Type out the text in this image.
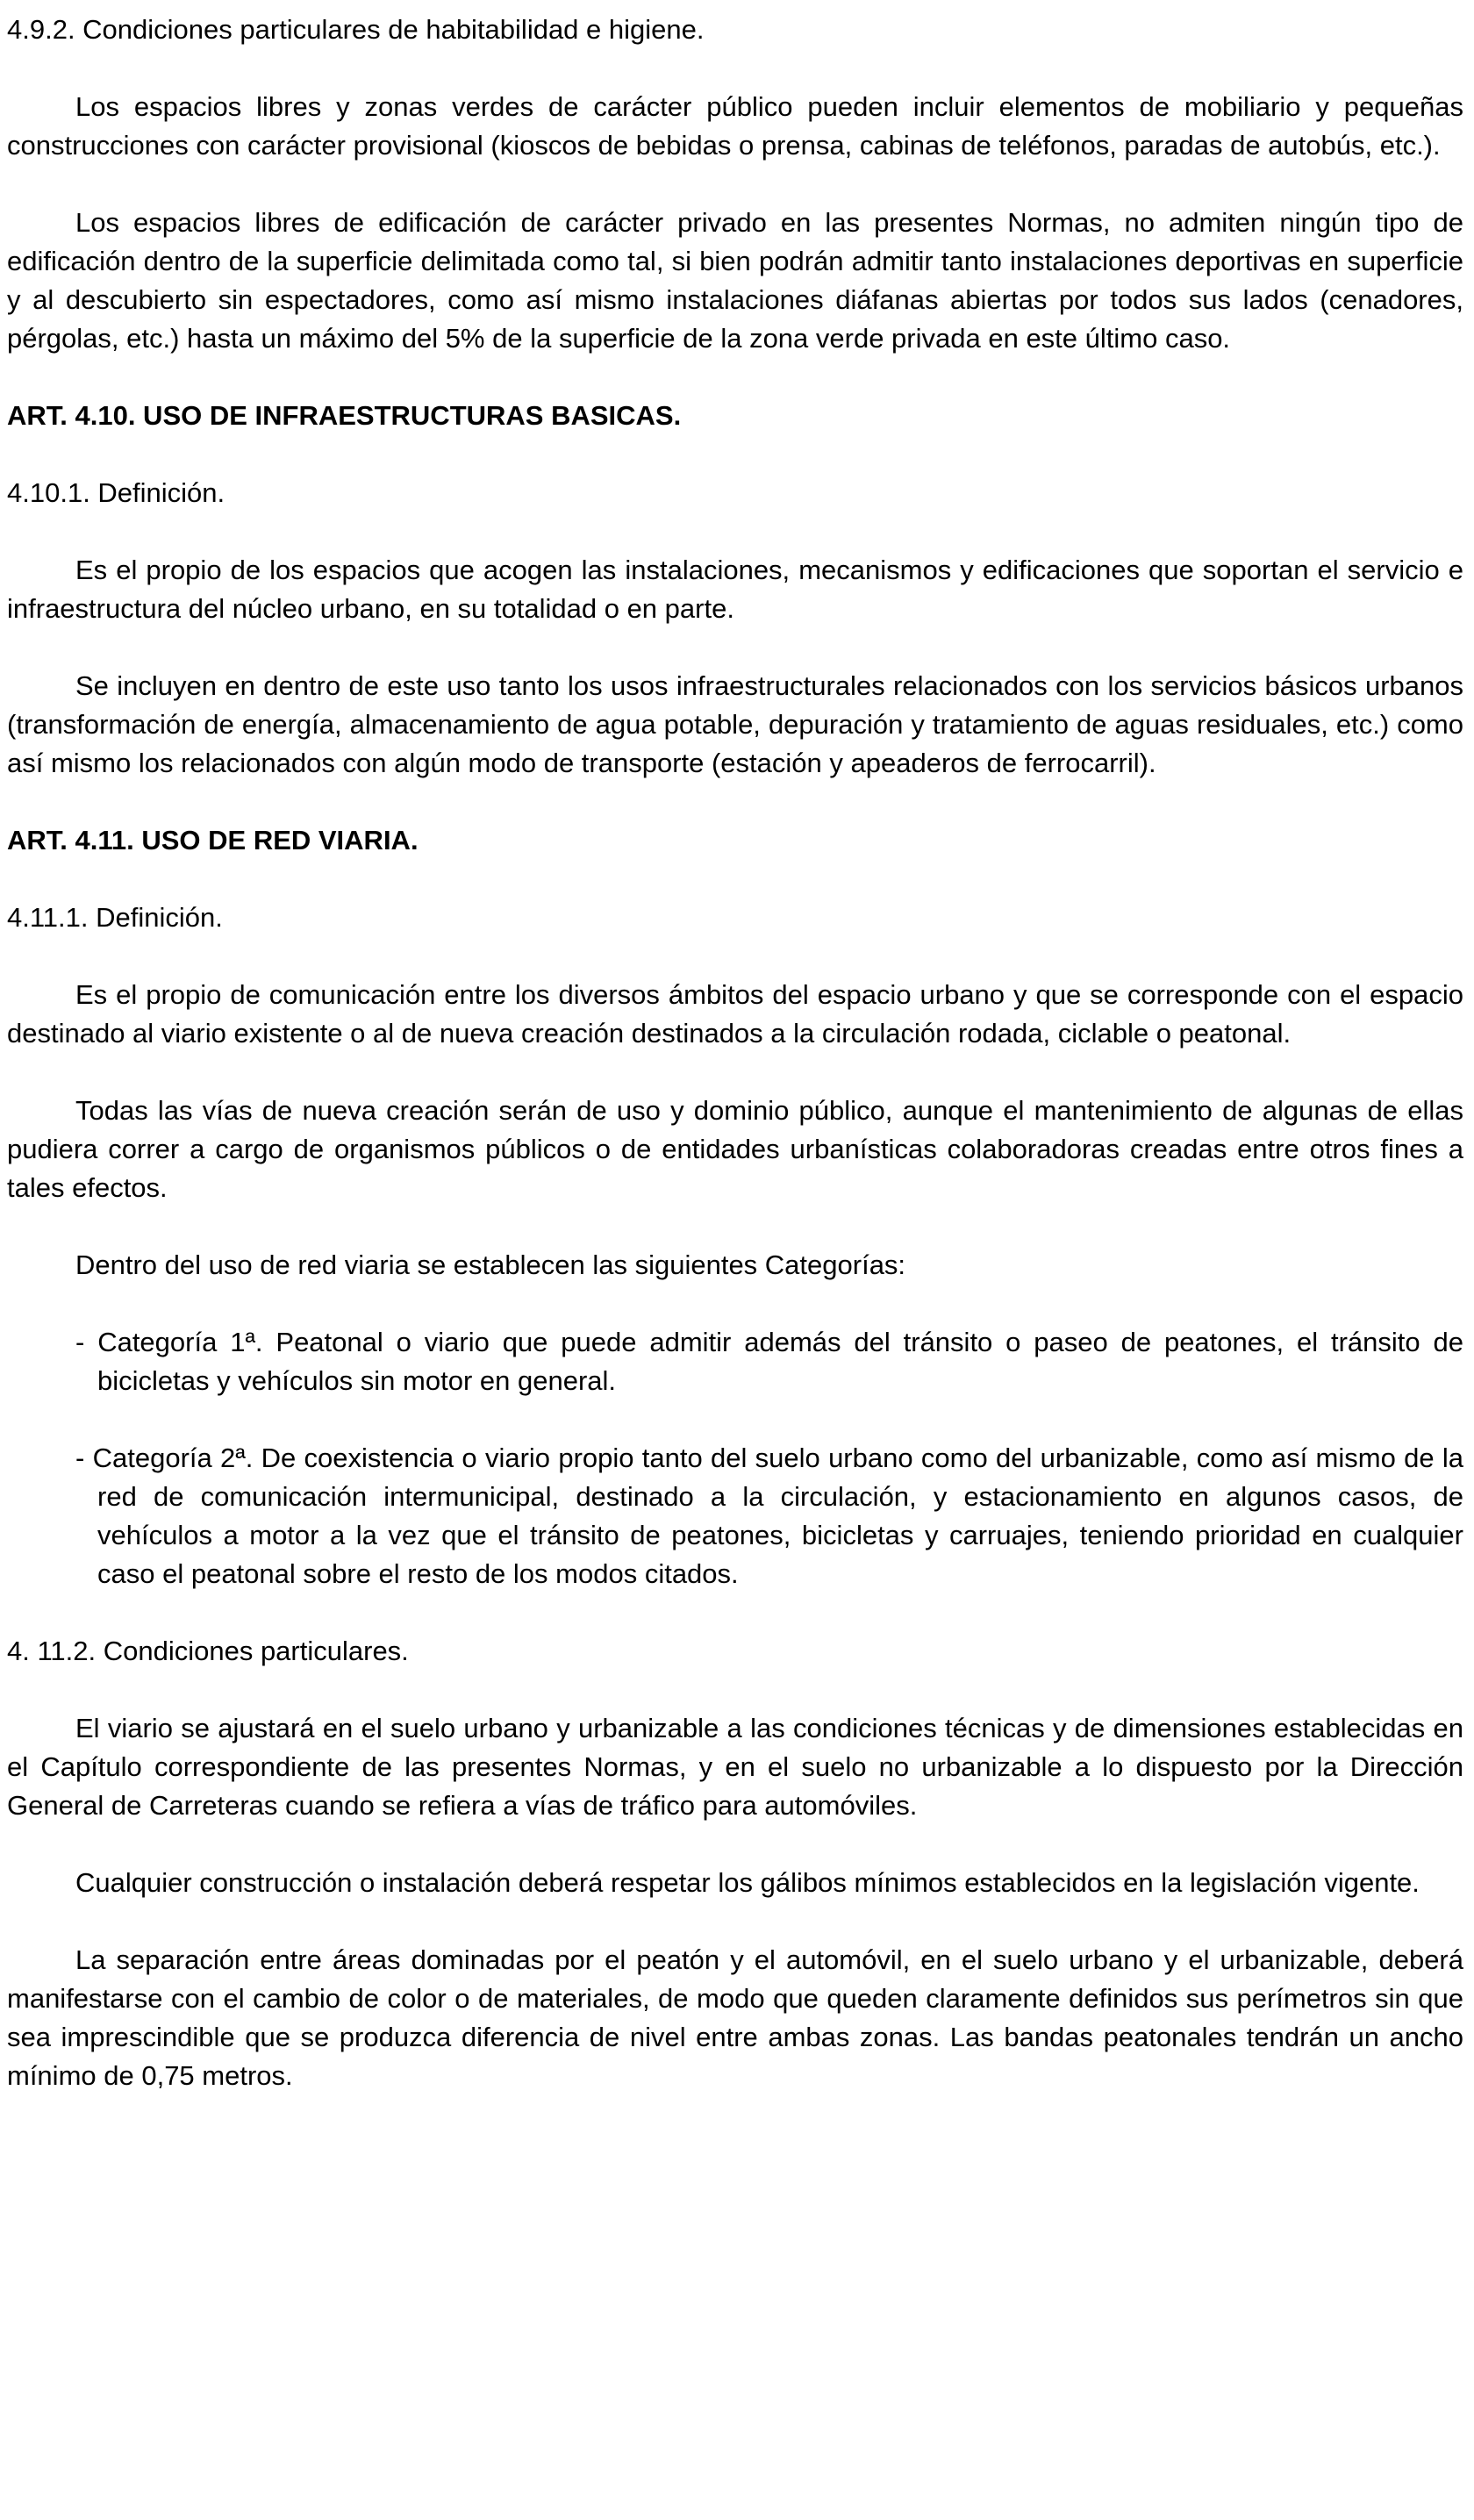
4.9.2. Condiciones particulares de habitabilidad e higiene.

Los espacios libres y zonas verdes de carácter público pueden incluir elementos de mobiliario y pequeñas construcciones con carácter provisional (kioscos de bebidas o prensa, cabinas de teléfonos, paradas de autobús, etc.).

Los espacios libres de edificación de carácter privado en las presentes Normas, no admiten ningún tipo de edificación dentro de la superficie delimitada como tal, si bien podrán admitir tanto instalaciones deportivas en superficie y al descubierto sin espectadores, como así mismo instalaciones diáfanas abiertas por todos sus lados (cenadores, pérgolas, etc.) hasta un máximo del 5% de la superficie de la zona verde privada en este último caso.

ART. 4.10. USO DE INFRAESTRUCTURAS BASICAS.

4.10.1. Definición.

Es el propio de los espacios que acogen las instalaciones, mecanismos y edificaciones que soportan el servicio e infraestructura del núcleo urbano, en su totalidad o en parte.

Se incluyen en dentro de este uso tanto los usos infraestructurales relacionados con los servicios básicos urbanos (transformación de energía, almacenamiento de agua potable, depuración y tratamiento de aguas residuales, etc.) como así mismo los relacionados con algún modo de transporte (estación y apeaderos de ferrocarril).

ART. 4.11. USO DE RED VIARIA.

4.11.1. Definición.

Es el propio de comunicación entre los diversos ámbitos del espacio urbano y que se corresponde con el espacio destinado al viario existente o al de nueva creación destinados a la circulación rodada, ciclable o peatonal.

Todas las vías de nueva creación serán de uso y dominio público, aunque el mantenimiento de algunas de ellas pudiera correr a cargo de organismos públicos o de entidades urbanísticas colaboradoras creadas entre otros fines a tales efectos.

Dentro del uso de red viaria se establecen las siguientes Categorías:

- Categoría 1ª. Peatonal o viario que puede admitir además del tránsito o paseo de peatones, el tránsito de bicicletas y vehículos sin motor en general.

- Categoría 2ª. De coexistencia o viario propio tanto del suelo urbano como del urbanizable, como así mismo de la red de comunicación intermunicipal, destinado a la circulación, y estacionamiento en algunos casos, de vehículos a motor a la vez que el tránsito de peatones, bicicletas y carruajes, teniendo prioridad en cualquier caso el peatonal sobre el resto de los modos citados.

4. 11.2. Condiciones particulares.

El viario se ajustará en el suelo urbano y urbanizable a las condiciones técnicas y de dimensiones establecidas en el Capítulo correspondiente de las presentes Normas, y en el suelo no urbanizable a lo dispuesto por la Dirección General de Carreteras cuando se refiera a vías de tráfico para automóviles.

Cualquier construcción o instalación deberá respetar los gálibos mínimos establecidos en la legislación vigente.

La separación entre áreas dominadas por el peatón y el automóvil, en el suelo urbano y el urbanizable, deberá manifestarse con el cambio de color o de materiales, de modo que queden claramente definidos sus perímetros sin que sea imprescindible que se produzca diferencia de nivel entre ambas zonas. Las bandas peatonales tendrán un ancho mínimo de 0,75 metros.
